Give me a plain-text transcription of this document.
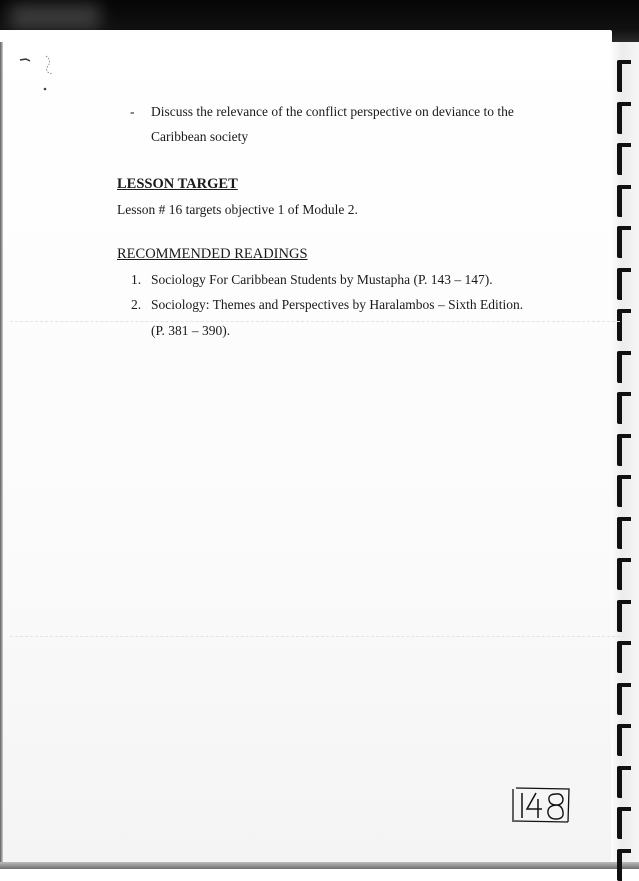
- Discuss the relevance of the conflict perspective on deviance to the
Caribbean society
LESSON TARGET
Lesson # 16 targets objective 1 of Module 2.
RECOMMENDED READINGS
1. Sociology For Caribbean Students by Mustapha (P. 143 – 147).
2. Sociology: Themes and Perspectives by Haralambos – Sixth Edition.
(P. 381 – 390).
